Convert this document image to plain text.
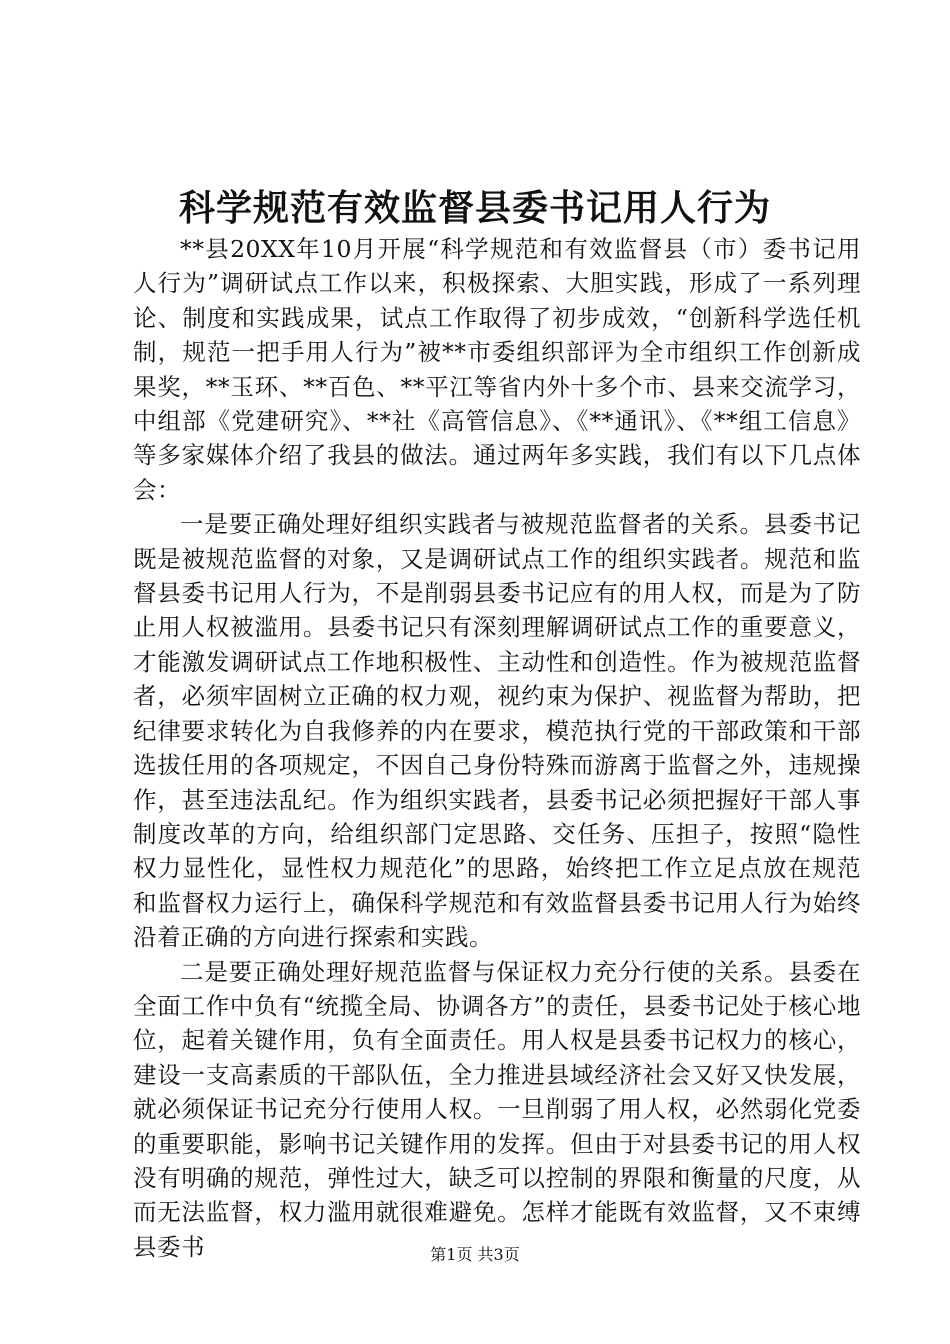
科学规范有效监督县委书记用人行为

**县20XX年10月开展“科学规范和有效监督县（市）委书记用人行为”调研试点工作以来，积极探索、大胆实践，形成了一系列理论、制度和实践成果，试点工作取得了初步成效，“创新科学选任机制，规范一把手用人行为”被**市委组织部评为全市组织工作创新成果奖，**玉环、**百色、**平江等省内外十多个市、县来交流学习，中组部《党建研究》、**社《高管信息》、《**通讯》、《**组工信息》等多家媒体介绍了我县的做法。通过两年多实践，我们有以下几点体会：

一是要正确处理好组织实践者与被规范监督者的关系。县委书记既是被规范监督的对象，又是调研试点工作的组织实践者。规范和监督县委书记用人行为，不是削弱县委书记应有的用人权，而是为了防止用人权被滥用。县委书记只有深刻理解调研试点工作的重要意义，才能激发调研试点工作地积极性、主动性和创造性。作为被规范监督者，必须牢固树立正确的权力观，视约束为保护、视监督为帮助，把纪律要求转化为自我修养的内在要求，模范执行党的干部政策和干部选拔任用的各项规定，不因自己身份特殊而游离于监督之外，违规操作，甚至违法乱纪。作为组织实践者，县委书记必须把握好干部人事制度改革的方向，给组织部门定思路、交任务、压担子，按照“隐性权力显性化，显性权力规范化”的思路，始终把工作立足点放在规范和监督权力运行上，确保科学规范和有效监督县委书记用人行为始终沿着正确的方向进行探索和实践。

二是要正确处理好规范监督与保证权力充分行使的关系。县委在全面工作中负有“统揽全局、协调各方”的责任，县委书记处于核心地位，起着关键作用，负有全面责任。用人权是县委书记权力的核心，建设一支高素质的干部队伍，全力推进县域经济社会又好又快发展，就必须保证书记充分行使用人权。一旦削弱了用人权，必然弱化党委的重要职能，影响书记关键作用的发挥。但由于对县委书记的用人权没有明确的规范，弹性过大，缺乏可以控制的界限和衡量的尺度，从而无法监督，权力滥用就很难避免。怎样才能既有效监督，又不束缚县委书	第1页 共3页
